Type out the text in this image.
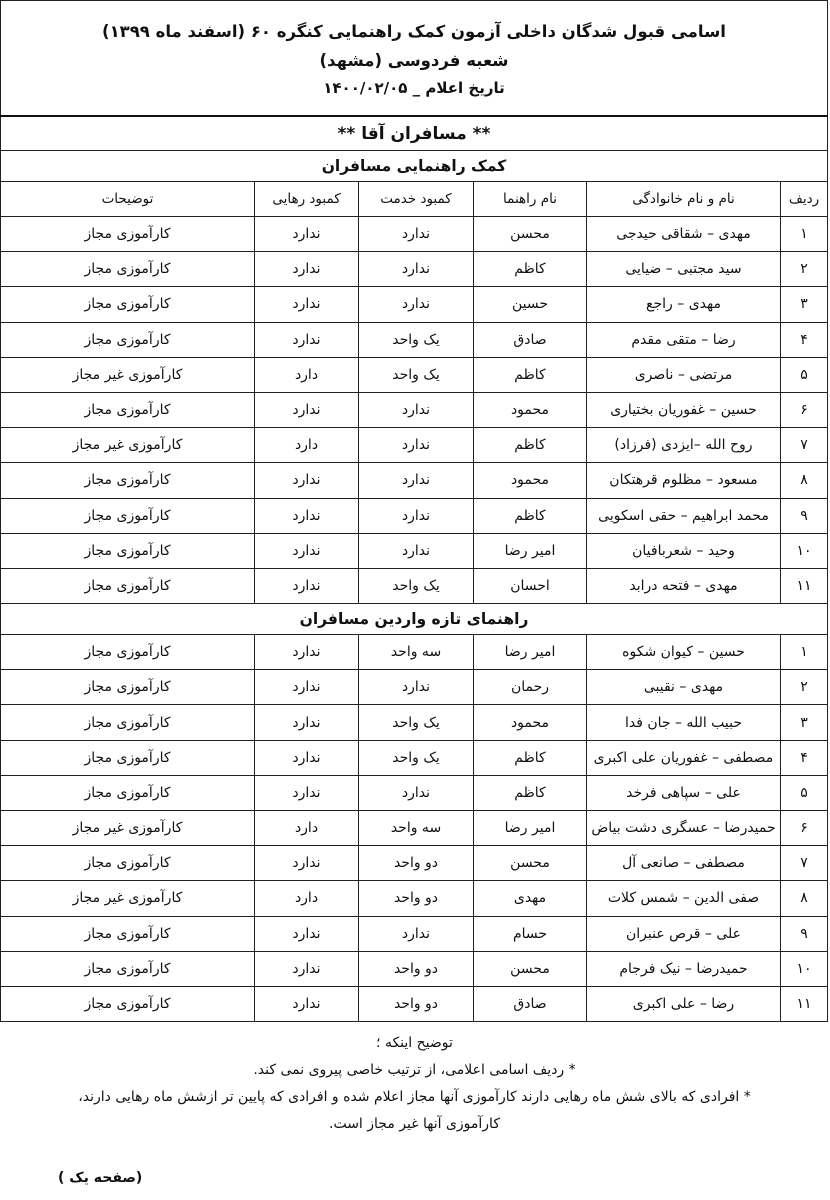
اسامی قبول شدگان داخلی آزمون کمک راهنمایی کنگره ۶۰ (اسفند ماه ۱۳۹۹)
شعبه فردوسی (مشهد)
تاریخ اعلام _ ۱۴۰۰/۰۲/۰۵					

** مسافران آقا **					
کمک راهنمایی مسافران					
ردیف	نام و نام خانوادگی	نام راهنما	کمبود خدمت	کمبود رهایی	توضیحات
۱	مهدی – شقاقی حیدجی	محسن	ندارد	ندارد	کارآموزی مجاز
۲	سید مجتبی – ضیایی	کاظم	ندارد	ندارد	کارآموزی مجاز
۳	مهدی – راجع	حسین	ندارد	ندارد	کارآموزی مجاز
۴	رضا – متقی مقدم	صادق	یک واحد	ندارد	کارآموزی مجاز
۵	مرتضی – ناصری	کاظم	یک واحد	دارد	کارآموزی غیر مجاز
۶	حسین – غفوریان بختیاری	محمود	ندارد	ندارد	کارآموزی مجاز
۷	روح الله –ایزدی (فرزاد)	کاظم	ندارد	دارد	کارآموزی غیر مجاز
۸	مسعود – مظلوم قرهتکان	محمود	ندارد	ندارد	کارآموزی مجاز
۹	محمد ابراهیم – حقی اسکویی	کاظم	ندارد	ندارد	کارآموزی مجاز
۱۰	وحید – شعربافیان	امیر رضا	ندارد	ندارد	کارآموزی مجاز
۱۱	مهدی – فتحه درابد	احسان	یک واحد	ندارد	کارآموزی مجاز
راهنمای تازه واردین مسافران					
۱	حسین – کیوان شکوه	امیر رضا	سه واحد	ندارد	کارآموزی مجاز
۲	مهدی – نقیبی	رحمان	ندارد	ندارد	کارآموزی مجاز
۳	حبیب الله – جان فدا	محمود	یک واحد	ندارد	کارآموزی مجاز
۴	مصطفی – غفوریان علی اکبری	کاظم	یک واحد	ندارد	کارآموزی مجاز
۵	علی – سپاهی فرخد	کاظم	ندارد	ندارد	کارآموزی مجاز
۶	حمیدرضا – عسگری دشت بیاض	امیر رضا	سه واحد	دارد	کارآموزی غیر مجاز
۷	مصطفی – صانعی آل	محسن	دو واحد	ندارد	کارآموزی مجاز
۸	صفی الدین – شمس کلات	مهدی	دو واحد	دارد	کارآموزی غیر مجاز
۹	علی – قرص عنبران	حسام	ندارد	ندارد	کارآموزی مجاز
۱۰	حمیدرضا – نیک فرجام	محسن	دو واحد	ندارد	کارآموزی مجاز
۱۱	رضا – علی اکبری	صادق	دو واحد	ندارد	کارآموزی مجاز
توضیح اینکه ؛
* ردیف اسامی اعلامی، از ترتیب خاصی پیروی نمی کند.
* افرادی که بالای شش ماه رهایی دارند کارآموزی آنها مجاز اعلام شده و افرادی که پایین تر ازشش ماه رهایی دارند،
کارآموزی آنها غیر مجاز است.
(صفحه یک )
